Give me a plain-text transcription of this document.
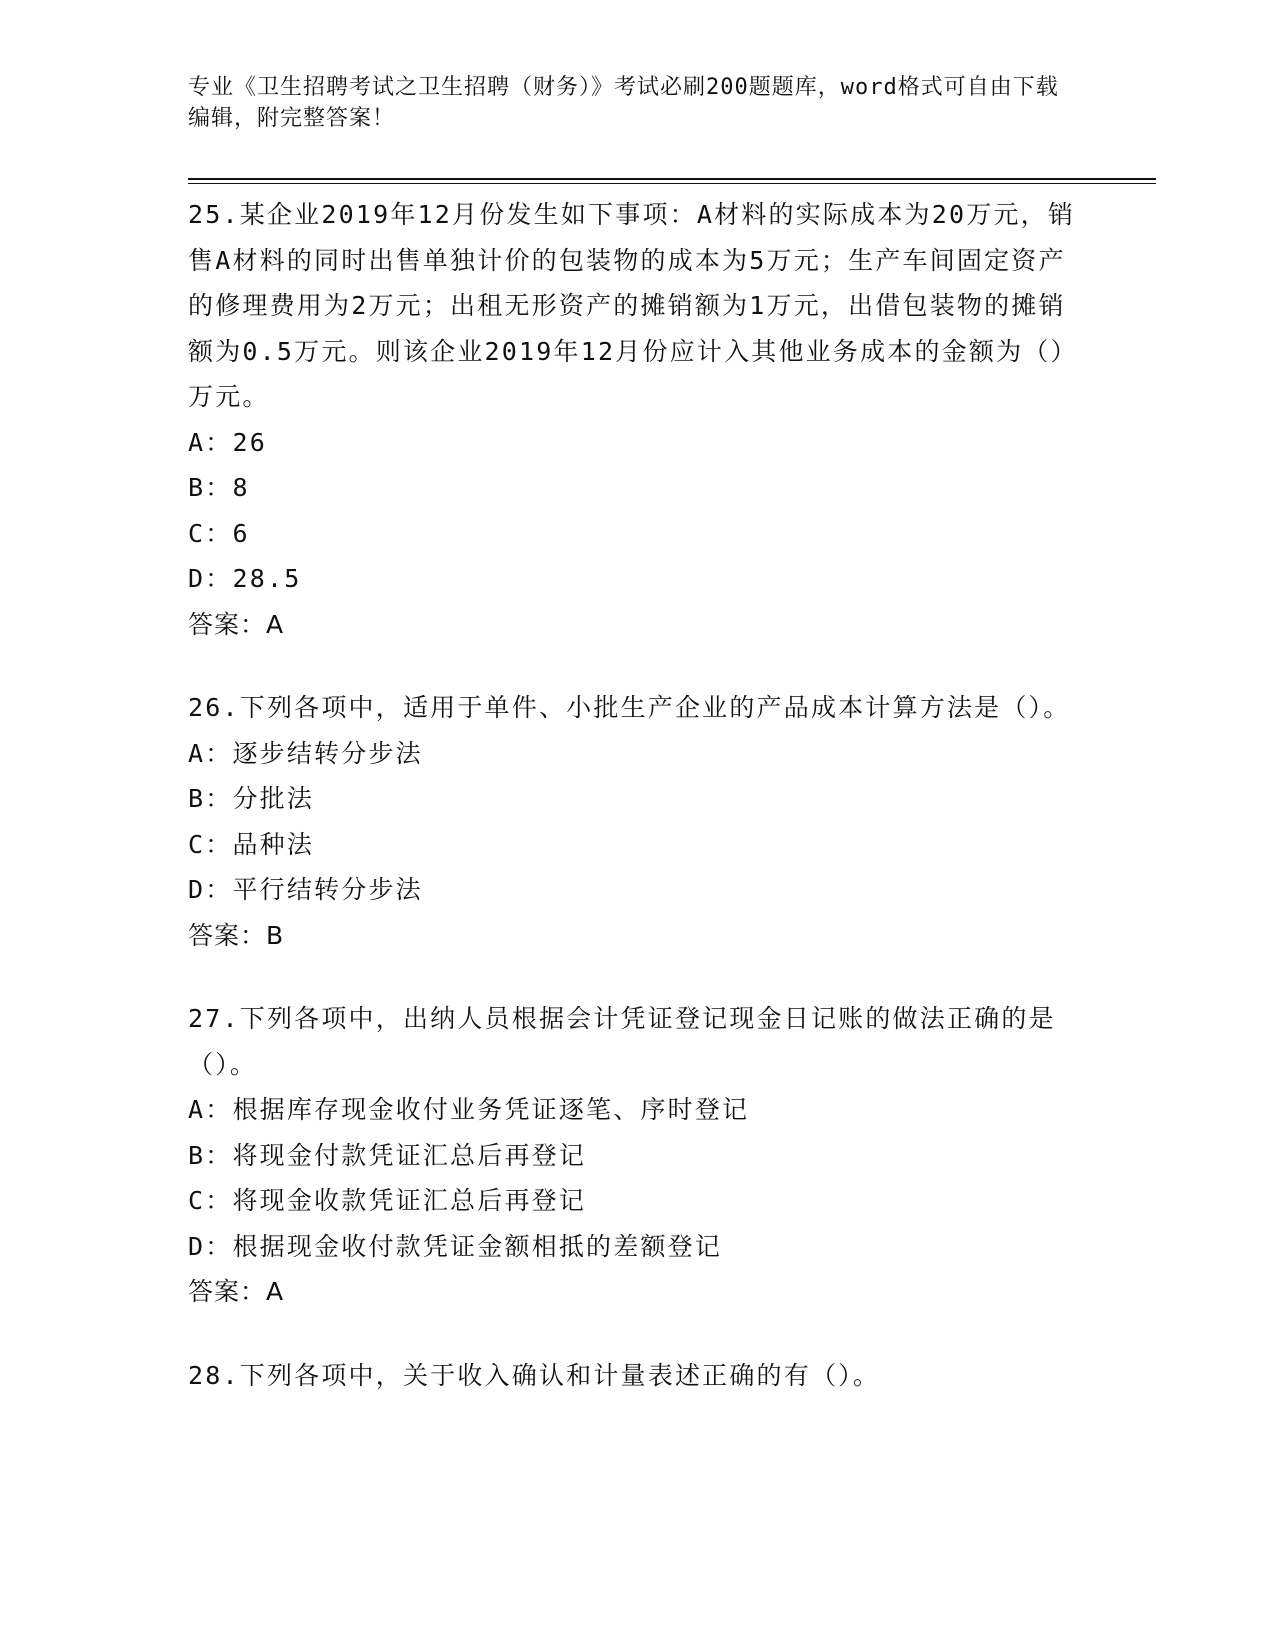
专业《卫生招聘考试之卫生招聘（财务）》考试必刷200题题库，word格式可自由下载编辑，附完整答案！

25.某企业2019年12月份发生如下事项：A材料的实际成本为20万元，销售A材料的同时出售单独计价的包装物的成本为5万元；生产车间固定资产的修理费用为2万元；出租无形资产的摊销额为1万元，出借包装物的摊销额为0.5万元。则该企业2019年12月份应计入其他业务成本的金额为（）万元。

A：26

B：8

C：6

D：28.5

答案：A

26.下列各项中，适用于单件、小批生产企业的产品成本计算方法是（）。

A：逐步结转分步法

B：分批法

C：品种法

D：平行结转分步法

答案：B

27.下列各项中，出纳人员根据会计凭证登记现金日记账的做法正确的是（）。

A：根据库存现金收付业务凭证逐笔、序时登记

B：将现金付款凭证汇总后再登记

C：将现金收款凭证汇总后再登记

D：根据现金收付款凭证金额相抵的差额登记

答案：A

28.下列各项中，关于收入确认和计量表述正确的有（）。
